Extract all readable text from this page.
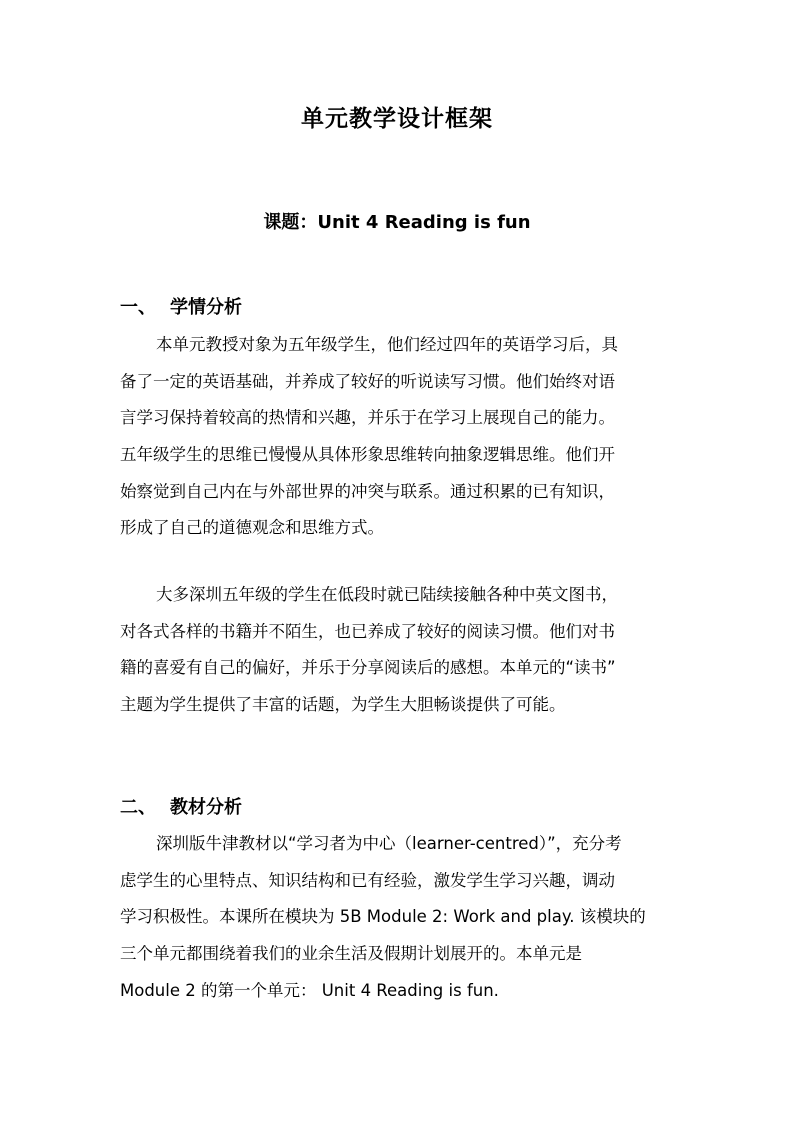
单元教学设计框架
课题：Unit 4 Reading is fun
一、 学情分析
本单元教授对象为五年级学生，他们经过四年的英语学习后，具
备了一定的英语基础，并养成了较好的听说读写习惯。他们始终对语
言学习保持着较高的热情和兴趣，并乐于在学习上展现自己的能力。
五年级学生的思维已慢慢从具体形象思维转向抽象逻辑思维。他们开
始察觉到自己内在与外部世界的冲突与联系。通过积累的已有知识，
形成了自己的道德观念和思维方式。
大多深圳五年级的学生在低段时就已陆续接触各种中英文图书，
对各式各样的书籍并不陌生，也已养成了较好的阅读习惯。他们对书
籍的喜爱有自己的偏好，并乐于分享阅读后的感想。本单元的“读书”
主题为学生提供了丰富的话题，为学生大胆畅谈提供了可能。
二、 教材分析
深圳版牛津教材以“学习者为中心（learner-centred）”，充分考
虑学生的心里特点、知识结构和已有经验，激发学生学习兴趣，调动
学习积极性。本课所在模块为 5B Module 2: Work and play. 该模块的
三个单元都围绕着我们的业余生活及假期计划展开的。本单元是
Module 2 的第一个单元： Unit 4 Reading is fun.
